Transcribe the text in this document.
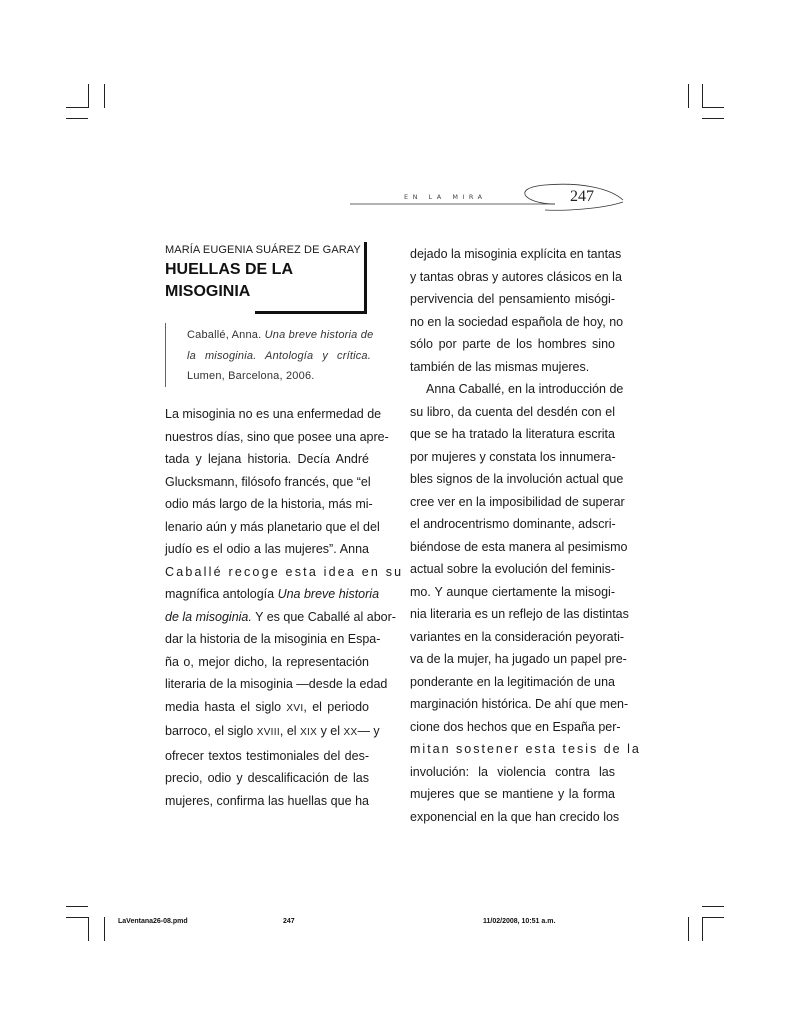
EN LA MIRA	247
MARÍA EUGENIA SUÁREZ DE GARAY
HUELLAS DE LA
MISOGINIA
Caballé, Anna. Una breve historia de
la misoginia. Antología y crítica.
Lumen, Barcelona, 2006.
La misoginia no es una enfermedad de
nuestros días, sino que posee una apre-
tada y lejana historia. Decía André
Glucksmann, filósofo francés, que “el
odio más largo de la historia, más mi-
lenario aún y más planetario que el del
judío es el odio a las mujeres”. Anna
Caballé recoge esta idea en su
magnífica antología Una breve historia
de la misoginia. Y es que Caballé al abor-
dar la historia de la misoginia en Espa-
ña o, mejor dicho, la representación
literaria de la misoginia —desde la edad
media hasta el siglo XVI, el periodo
barroco, el siglo XVIII, el XIX y el XX— y
ofrecer textos testimoniales del des-
precio, odio y descalificación de las
mujeres, confirma las huellas que ha
dejado la misoginia explícita en tantas
y tantas obras y autores clásicos en la
pervivencia del pensamiento misógi-
no en la sociedad española de hoy, no
sólo por parte de los hombres sino
también de las mismas mujeres.
Anna Caballé, en la introducción de
su libro, da cuenta del desdén con el
que se ha tratado la literatura escrita
por mujeres y constata los innumera-
bles signos de la involución actual que
cree ver en la imposibilidad de superar
el androcentrismo dominante, adscri-
biéndose de esta manera al pesimismo
actual sobre la evolución del feminis-
mo. Y aunque ciertamente la misogi-
nia literaria es un reflejo de las distintas
variantes en la consideración peyorati-
va de la mujer, ha jugado un papel pre-
ponderante en la legitimación de una
marginación histórica. De ahí que men-
cione dos hechos que en España per-
mitan sostener esta tesis de la
involución: la violencia contra las
mujeres que se mantiene y la forma
exponencial en la que han crecido los
LaVentana26-08.pmd	247	11/02/2008, 10:51 a.m.
